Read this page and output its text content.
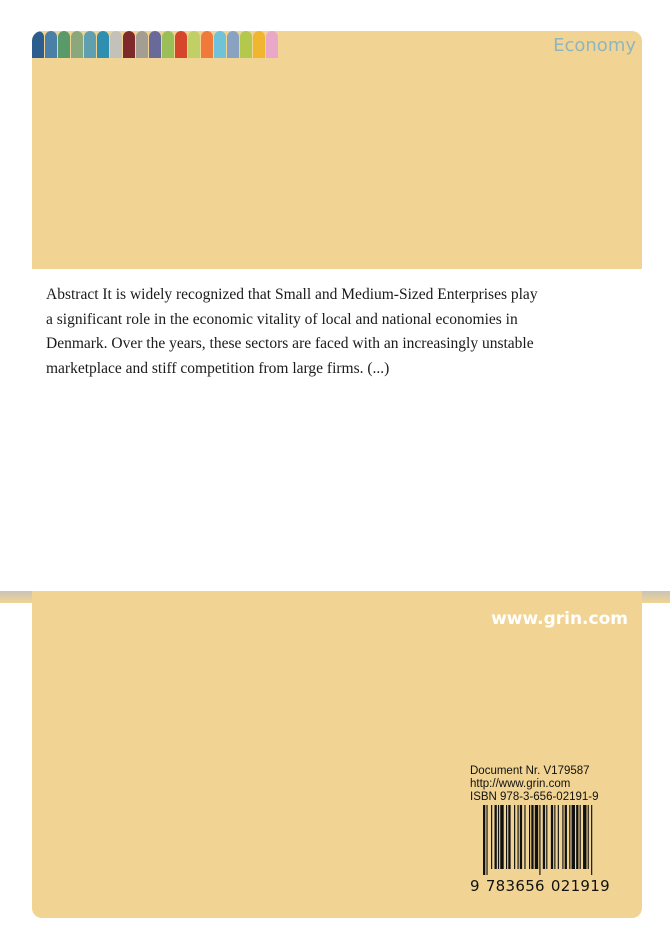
Economy

Abstract It is widely recognized that Small and Medium-Sized Enterprises play a significant role in the economic vitality of local and national economies in Denmark. Over the years, these sectors are faced with an increasingly unstable marketplace and stiff competition from large firms. (...)

www.grin.com
Document Nr. V179587
http://www.grin.com
ISBN 978-3-656-02191-9
9 783656 021919
